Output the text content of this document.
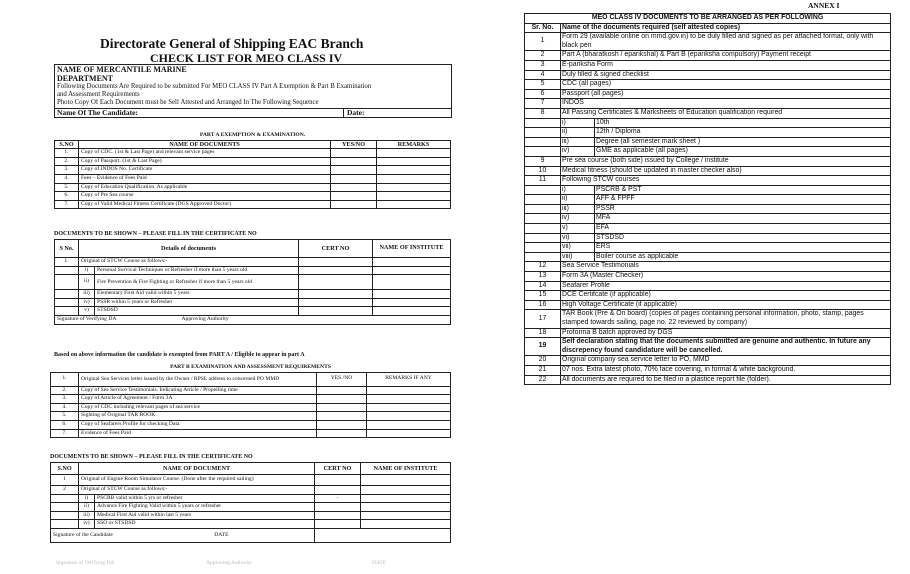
Directorate General of Shipping EAC Branch
CHECK LIST FOR MEO CLASS IV
NAME OF MERCANTILE MARINE
DEPARTMENT
Following Documents Are Required to be submitted For MEO CLASS IV Part A Exemption & Part B Examination
and Assessment Requirements
Photo Copy Of Each Document must be Self Attested and Arranged In The Following Sequence
Name Of The Candidate:	Date:
PART A EXEMPTION & EXAMINATION.			
S.NO	NAME OF DOCUMENTS	YES/NO	REMARKS
1.	Copy of CDC. (1st & Last Page) and relevant service pages		
2.	Copy of Passport. (1st & Last Page)		
3.	Copy of INDOS No. Certificate		
4.	Fees – Evidence of Fees Paid		
5.	Copy of Education Qualification. As applicable		
6.	Copy of Pre Sea course		
7.	Copy of Valid Medical Fitness Certificate (DGS Approved Doctor)		
DOCUMENTS TO BE SHOWN – PLEASE FILL IN THE CERTIFICATE NO
S No.	Details of documents		CERT NO	NAME OF INSTITUTE
1.	Original of STCW Course as follows:-			
	i)	Personal Survival Techniques or Refresher if more than 5 years old		
	ii)	Fire Prevention & Fire Fighting or Refresher if more than 5 years old		
	iii)	Elementary First Aid valid within 5 years		
	iv)	PSSR within 5 years or Refresher		
	v)	STSDSD		
Signature of Verifying DA Approving Authority				
Based on above information the candidate is exempted from PART A / Eligible to appear in part A
PART B EXAMINATION AND ASSESSMENT REQUIREMENTS			
1.	Original Sea Services letter issued by the Owner / RPSL address to concerned PO MMD	YES /NO	REMARKS IF ANY
2.	Copy of Sea Service Testimonials. Indicating Article / Propelling time		
3.	Copy of Article of Agreement / Form 3A		
4.	Copy of CDC including relevant pages of sea service		
5.	Sighting of Original TAR BOOK.		
6.	Copy of Seafarers Profile for checking Data		
7.	Evidence of Fees Paid		
DOCUMENTS TO BE SHOWN – PLEASE FILL IN THE CERTIFICATE NO
S.NO	NAME OF DOCUMENT		CERT NO	NAME OF INSTITUTE
1	Original of Engine Room Simulator Course. (Done after the required sailing)			
2	Original of STCW Course as follows:-			
	i)	PSCRB valid within 5 yrs or refresher	-	
	ii)	Advance Fire Fighting Valid within 5 years or refresher		
	iii)	Medical First Aid valid within last 5 years		
	iv)	SSO or STSDSD		
Signature of the Candidate DATE				
Signature of Verifying DA	Approving Authority	DATE
ANNEX I
MEO CLASS IV DOCUMENTS TO BE ARRANGED AS PER FOLLOWING		
Sr. No.	Name of the documents required (self attested copies)	
1	Form 29 (available online on mmd.gov.in) to be duly filled and signed as per attached format, only with black pen	
2	Part A (bharatkosh / eparikshal) & Part B (epariksha compulsory) Payment receipt	
3	E-pariksha Form	
4	Duly filled & signed checklist	
5	CDC (all pages)	
6	Passport (all pages)	
7	INDOS	
8	All Passing Certificates & Marksheets of Education qualification required	
	i)	10th
	ii)	12th / Diploma
	iii)	Degree (all semester mark sheet )
	iv)	GME as applicable (all pages)
9	Pre sea course (both side) issued by College / institute	
10	Medical fitness (should be updated in master checker also)	
11	Following STCW courses	
	i)	PSCRB & PST
	ii)	AFF & FPFF
	iii)	PSSR
	iv)	MFA
	v)	EFA
	vi)	STSDSD
	vii)	ERS
	viii)	Boiler course as applicable
12	Sea Service Testimonials	
13	Form 3A (Master Checker)	
14	Seafarer Profile	
15	DCE Certifcate (if applicable)	
16	High Voltage Certificate (if applicable)	
17	TAR Book (Pre & On board) (copies of pages containing personal information, photo, stamp, pages stamped towards sailing, page no. 22 reviewed by company)	
18	Proforma B batch approved by DGS	
19	Self declaration stating that the documents submitted are genuine and authentic. In future any discrepency found candidature will be cancelled.	
20	Original company sea service letter to PO, MMD	
21	07 nos. Extra latest photo, 70% face covering, in formal & white background.	
22	All documents are required to be filed in a plastice report file (folder).	
